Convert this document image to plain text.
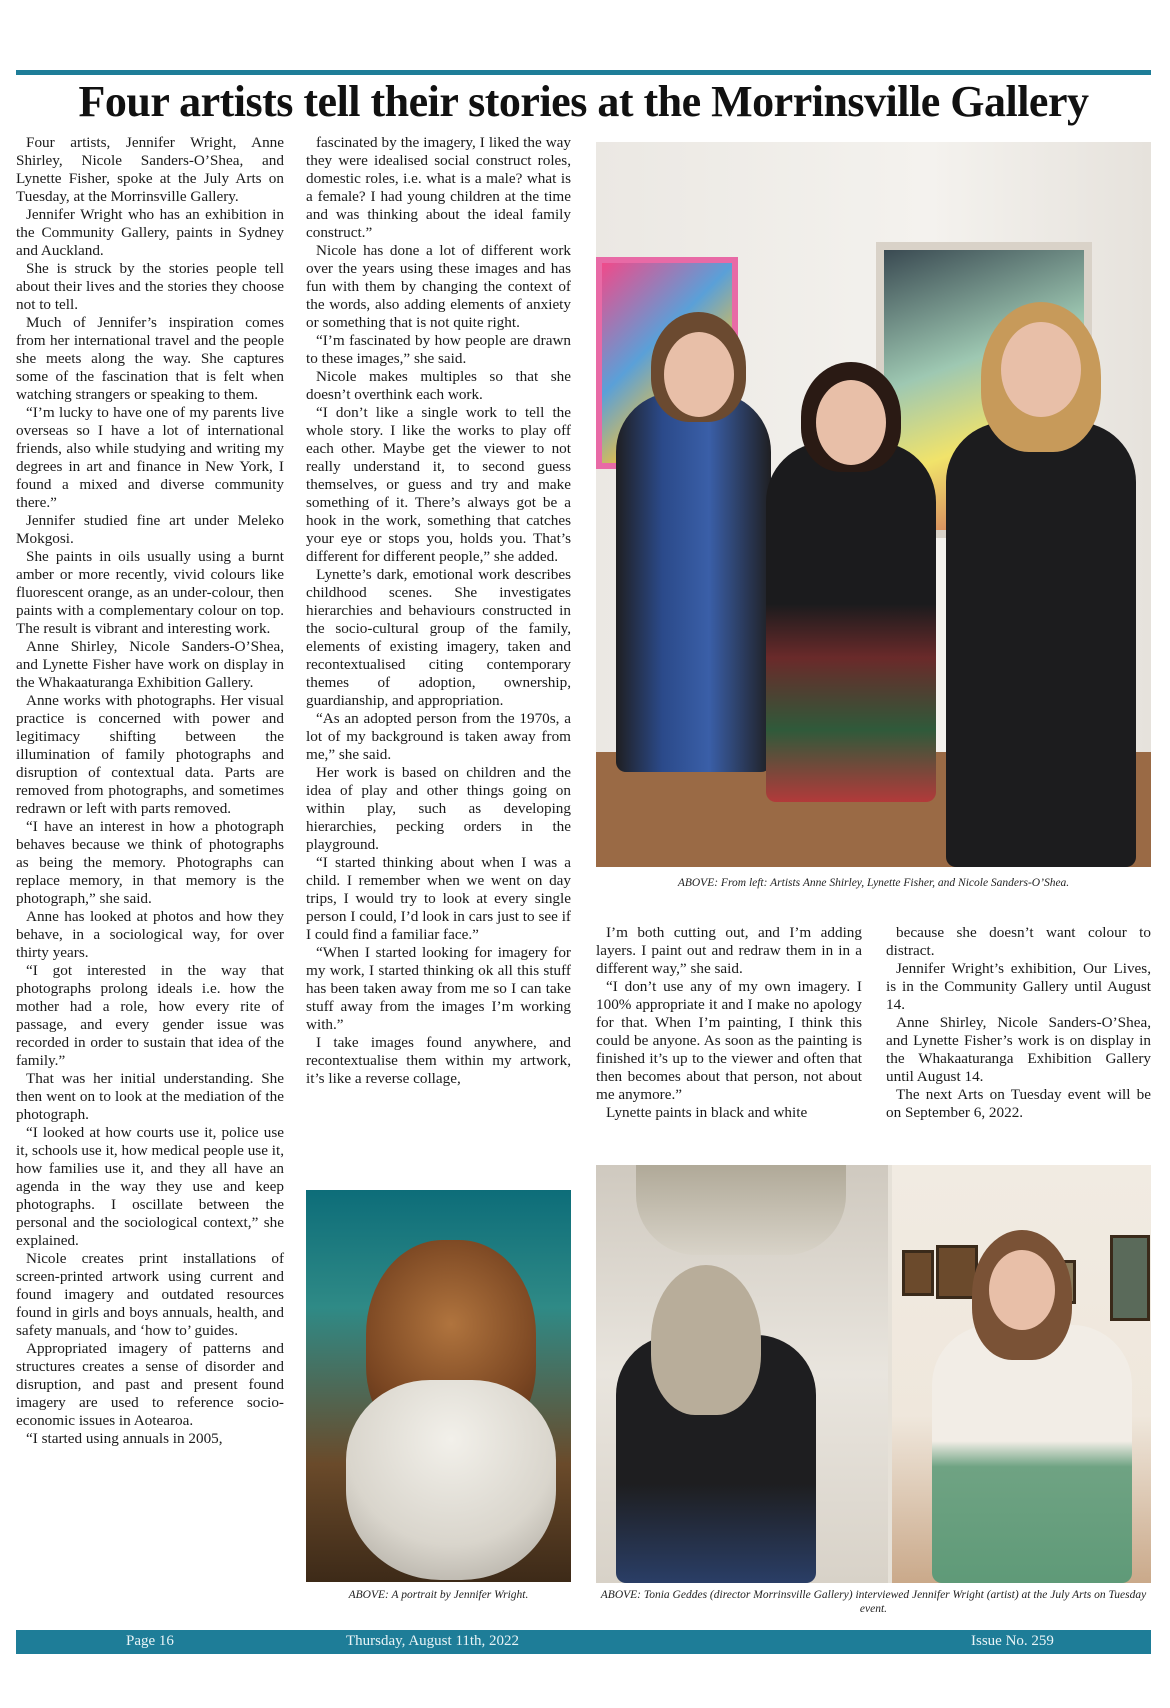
Four artists tell their stories at the Morrinsville Gallery

Four artists, Jennifer Wright, Anne Shirley, Nicole Sanders-O’Shea, and Lynette Fisher, spoke at the July Arts on Tuesday, at the Morrinsville Gallery.

Jennifer Wright who has an exhibition in the Community Gallery, paints in Sydney and Auckland.

She is struck by the stories people tell about their lives and the stories they choose not to tell.

Much of Jennifer’s inspiration comes from her international travel and the people she meets along the way. She captures some of the fascination that is felt when watching strangers or speaking to them.

“I’m lucky to have one of my parents live overseas so I have a lot of international friends, also while studying and writing my degrees in art and finance in New York, I found a mixed and diverse community there.”

Jennifer studied fine art under Meleko Mokgosi.

She paints in oils usually using a burnt amber or more recently, vivid colours like fluorescent orange, as an under-colour, then paints with a complementary colour on top. The result is vibrant and interesting work.

Anne Shirley, Nicole Sanders-O’Shea, and Lynette Fisher have work on display in the Whakaaturanga Exhibition Gallery.

Anne works with photographs. Her visual practice is concerned with power and legitimacy shifting between the illumination of family photographs and disruption of contextual data. Parts are removed from photographs, and sometimes redrawn or left with parts removed.

“I have an interest in how a photograph behaves because we think of photographs as being the memory. Photographs can replace memory, in that memory is the photograph,” she said.

Anne has looked at photos and how they behave, in a sociological way, for over thirty years.

“I got interested in the way that photographs prolong ideals i.e. how the mother had a role, how every rite of passage, and every gender issue was recorded in order to sustain that idea of the family.”

That was her initial understanding. She then went on to look at the mediation of the photograph.

“I looked at how courts use it, police use it, schools use it, how medical people use it, how families use it, and they all have an agenda in the way they use and keep photographs. I oscillate between the personal and the sociological context,” she explained.

Nicole creates print installations of screen-printed artwork using current and found imagery and outdated resources found in girls and boys annuals, health, and safety manuals, and ‘how to’ guides.

Appropriated imagery of patterns and structures creates a sense of disorder and disruption, and past and present found imagery are used to reference socio-economic issues in Aotearoa.

“I started using annuals in 2005,

fascinated by the imagery, I liked the way they were idealised social construct roles, domestic roles, i.e. what is a male? what is a female? I had young children at the time and was thinking about the ideal family construct.”

Nicole has done a lot of different work over the years using these images and has fun with them by changing the context of the words, also adding elements of anxiety or something that is not quite right.

“I’m fascinated by how people are drawn to these images,” she said.

Nicole makes multiples so that she doesn’t overthink each work.

“I don’t like a single work to tell the whole story. I like the works to play off each other. Maybe get the viewer to not really understand it, to second guess themselves, or guess and try and make something of it. There’s always got be a hook in the work, something that catches your eye or stops you, holds you. That’s different for different people,” she added.

Lynette’s dark, emotional work describes childhood scenes. She investigates hierarchies and behaviours constructed in the socio-cultural group of the family, elements of existing imagery, taken and recontextualised citing contemporary themes of adoption, ownership, guardianship, and appropriation.

“As an adopted person from the 1970s, a lot of my background is taken away from me,” she said.

Her work is based on children and the idea of play and other things going on within play, such as developing hierarchies, pecking orders in the playground.

“I started thinking about when I was a child. I remember when we went on day trips, I would try to look at every single person I could, I’d look in cars just to see if I could find a familiar face.”

“When I started looking for imagery for my work, I started thinking ok all this stuff has been taken away from me so I can take stuff away from the images I’m working with.”

I take images found anywhere, and recontextualise them within my artwork, it’s like a reverse collage,

I’m both cutting out, and I’m adding layers. I paint out and redraw them in in a different way,” she said.

“I don’t use any of my own imagery. I 100% appropriate it and I make no apology for that. When I’m painting, I think this could be anyone. As soon as the painting is finished it’s up to the viewer and often that then becomes about that person, not about me anymore.”

Lynette paints in black and white

because she doesn’t want colour to distract.

Jennifer Wright’s exhibition, Our Lives, is in the Community Gallery until August 14.

Anne Shirley, Nicole Sanders-O’Shea, and Lynette Fisher’s work is on display in the Whakaaturanga Exhibition Gallery until August 14.

The next Arts on Tuesday event will be on September 6, 2022.

ABOVE: From left: Artists Anne Shirley, Lynette Fisher, and Nicole Sanders-O’Shea.
ABOVE: A portrait by Jennifer Wright.	ABOVE: Tonia Geddes (director Morrinsville Gallery) interviewed Jennifer Wright (artist) at the July Arts on Tuesday event.
Page 16	Thursday, August 11th, 2022	Issue No. 259
